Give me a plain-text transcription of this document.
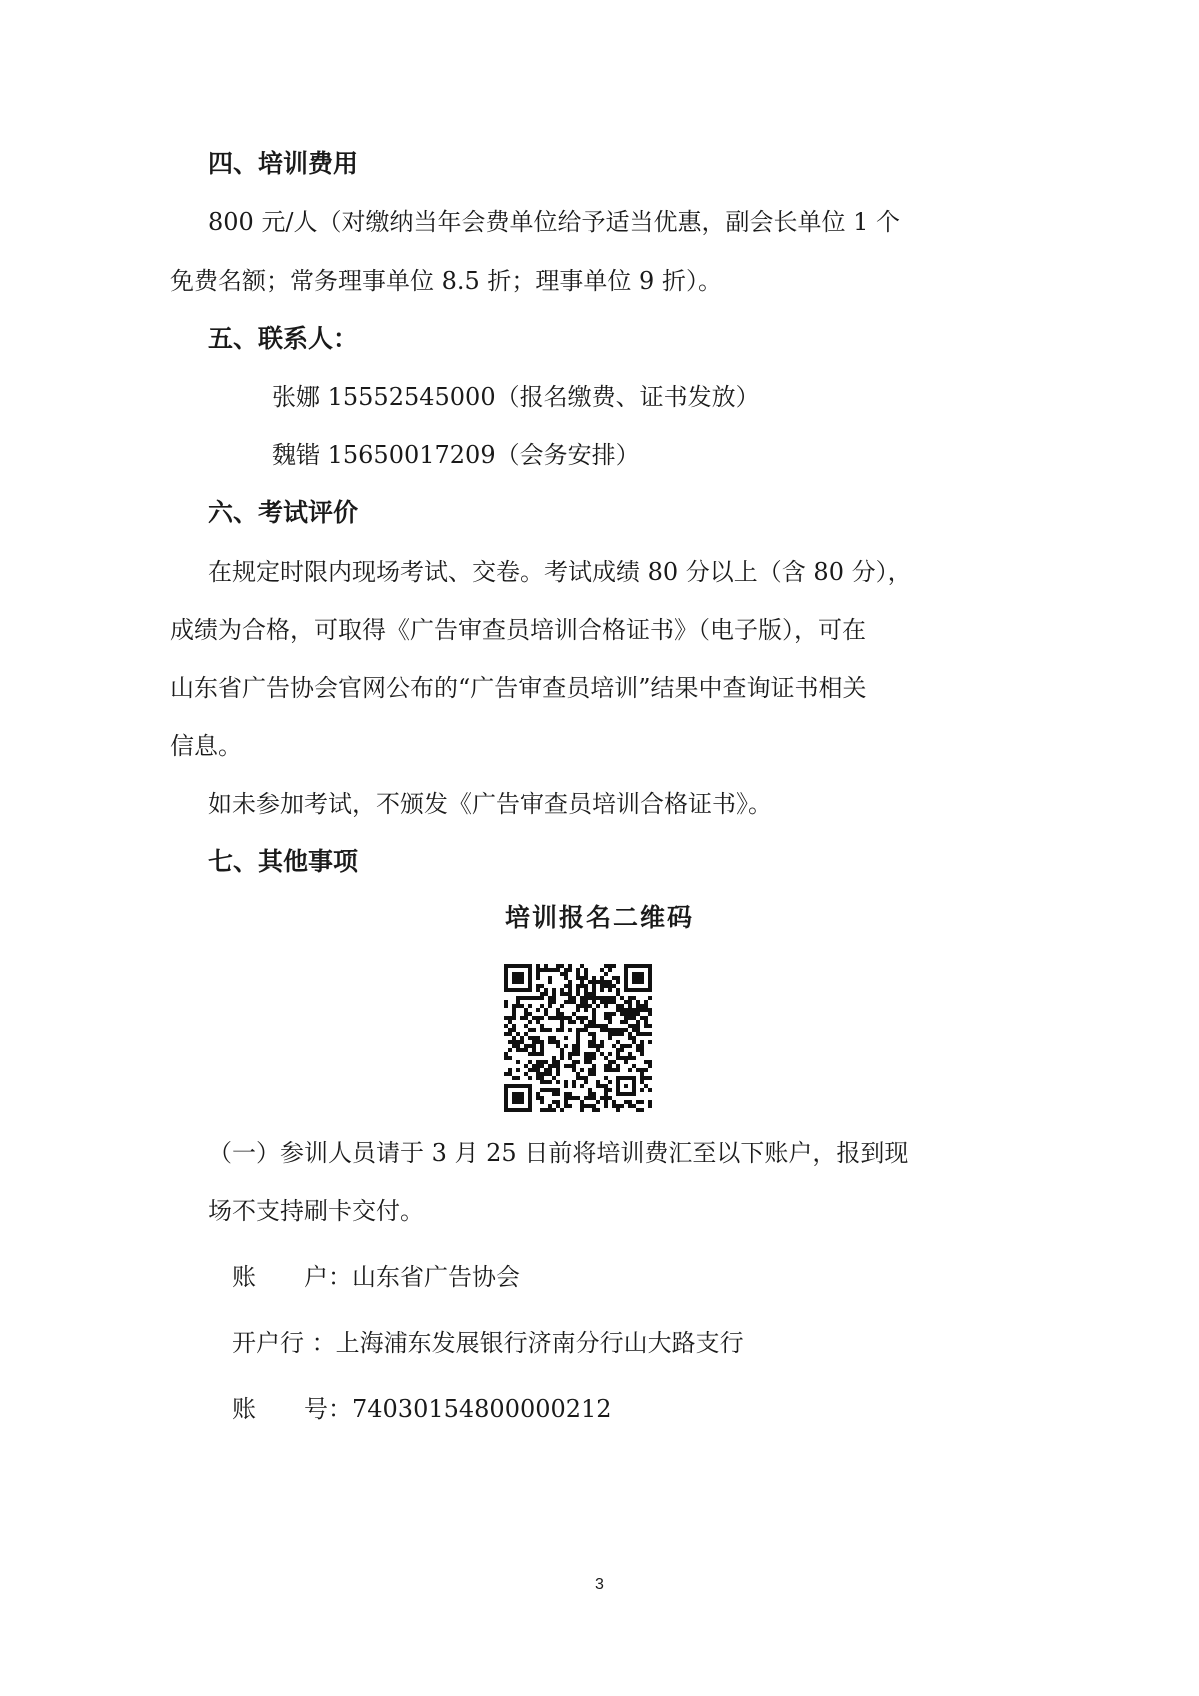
四、培训费用

800 元/人（对缴纳当年会费单位给予适当优惠，副会长单位 1 个

免费名额；常务理事单位 8.5 折；理事单位 9 折）。

五、联系人：

张娜 15552545000（报名缴费、证书发放）

魏锴 15650017209（会务安排）

六、考试评价

在规定时限内现场考试、交卷。考试成绩 80 分以上（含 80 分），

成绩为合格，可取得《广告审查员培训合格证书》（电子版），可在

山东省广告协会官网公布的“广告审查员培训”结果中查询证书相关

信息。

如未参加考试，不颁发《广告审查员培训合格证书》。

七、其他事项

培训报名二维码

（一）参训人员请于 3 月 25 日前将培训费汇至以下账户，报到现

场不支持刷卡交付。

账　　户：山东省广告协会

开户行 ：上海浦东发展银行济南分行山大路支行

账　　号：74030154800000212

3
